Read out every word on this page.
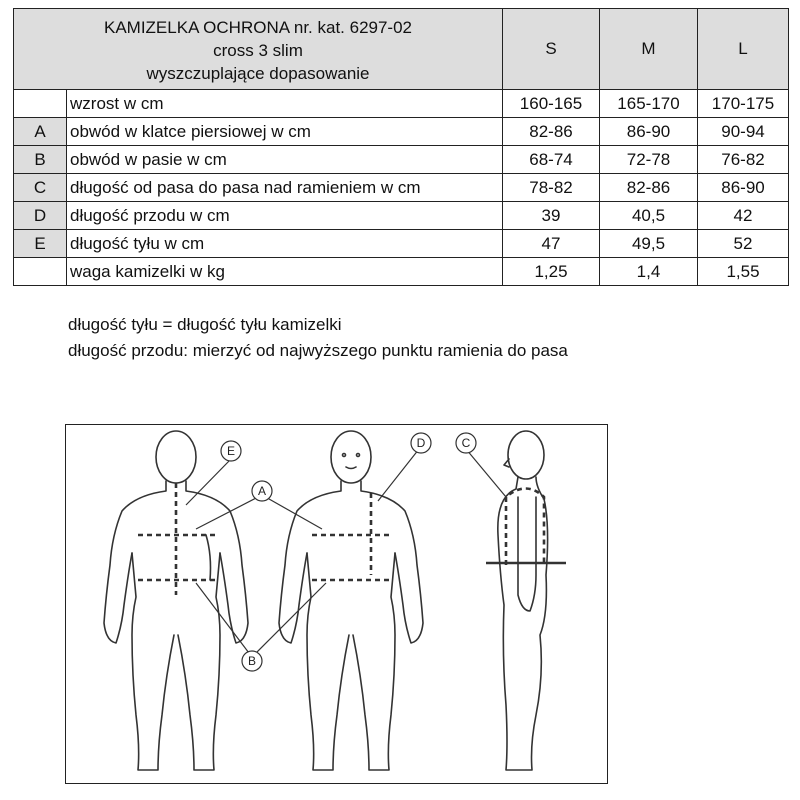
KAMIZELKA OCHRONA nr. kat. 6297-02
cross 3 slim
wyszczuplające dopasowanie		S	M	L
	wzrost w cm	160-165	165-170	170-175
A	obwód w klatce piersiowej w cm	82-86	86-90	90-94
B	obwód w pasie w cm	68-74	72-78	76-82
C	długość od pasa do pasa nad ramieniem w cm	78-82	82-86	86-90
D	długość przodu w cm	39	40,5	42
E	długość tyłu w cm	47	49,5	52
	waga kamizelki w kg	1,25	1,4	1,55
długość tyłu = długość tyłu kamizelki
długość przodu: mierzyć od najwyższego punktu ramienia do pasa
E
A
D	C
B
